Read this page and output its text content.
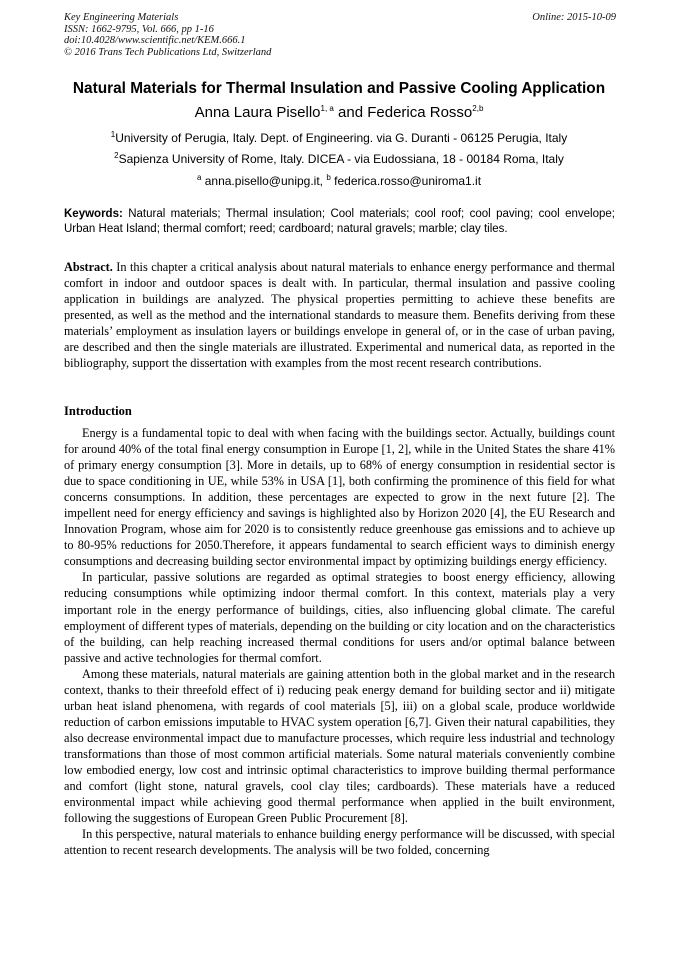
Key Engineering Materials
ISSN: 1662-9795, Vol. 666, pp 1-16
doi:10.4028/www.scientific.net/KEM.666.1
© 2016 Trans Tech Publications Ltd, Switzerland
Online: 2015-10-09
Natural Materials for Thermal Insulation and Passive Cooling Application
Anna Laura Pisello$^{1, a}$ and Federica Rosso$^{2,b}$
$^1$University of Perugia, Italy. Dept. of Engineering. via G. Duranti - 06125 Perugia, Italy
$^2$Sapienza University of Rome, Italy. DICEA - via Eudossiana, 18 - 00184 Roma, Italy
$^a$ anna.pisello@unipg.it, $^b$ federica.rosso@uniroma1.it
Keywords: Natural materials; Thermal insulation; Cool materials; cool roof; cool paving; cool envelope; Urban Heat Island; thermal comfort; reed; cardboard; natural gravels; marble; clay tiles.
Abstract. In this chapter a critical analysis about natural materials to enhance energy performance and thermal comfort in indoor and outdoor spaces is dealt with. In particular, thermal insulation and passive cooling application in buildings are analyzed. The physical properties permitting to achieve these benefits are presented, as well as the method and the international standards to measure them. Benefits deriving from these materials’ employment as insulation layers or buildings envelope in general of, or in the case of urban paving, are described and then the single materials are illustrated. Experimental and numerical data, as reported in the bibliography, support the dissertation with examples from the most recent research contributions.
Introduction

Energy is a fundamental topic to deal with when facing with the buildings sector. Actually, buildings count for around 40% of the total final energy consumption in Europe [1, 2], while in the United States the share 41% of primary energy consumption [3]. More in details, up to 68% of energy consumption in residential sector is due to space conditioning in UE, while 53% in USA [1], both confirming the prominence of this field for what concerns consumptions. In addition, these percentages are expected to grow in the next future [2]. The impellent need for energy efficiency and savings is highlighted also by Horizon 2020 [4], the EU Research and Innovation Program, whose aim for 2020 is to consistently reduce greenhouse gas emissions and to achieve up to 80-95% reductions for 2050.Therefore, it appears fundamental to search efficient ways to diminish energy consumptions and decreasing building sector environmental impact by optimizing buildings energy efficiency.

In particular, passive solutions are regarded as optimal strategies to boost energy efficiency, allowing reducing consumptions while optimizing indoor thermal comfort. In this context, materials play a very important role in the energy performance of buildings, cities, also influencing global climate. The careful employment of different types of materials, depending on the building or city location and on the characteristics of the building, can help reaching increased thermal conditions for users and/or optimal balance between passive and active technologies for thermal comfort.

Among these materials, natural materials are gaining attention both in the global market and in the research context, thanks to their threefold effect of i) reducing peak energy demand for building sector and ii) mitigate urban heat island phenomena, with regards of cool materials [5], iii) on a global scale, produce worldwide reduction of carbon emissions imputable to HVAC system operation [6,7]. Given their natural capabilities, they also decrease environmental impact due to manufacture processes, which require less industrial and technology transformations than those of most common artificial materials. Some natural materials conveniently combine low embodied energy, low cost and intrinsic optimal characteristics to improve building thermal performance and comfort (light stone, natural gravels, cool clay tiles; cardboards). These materials have a reduced environmental impact while achieving good thermal performance when applied in the built environment, following the suggestions of European Green Public Procurement [8].

In this perspective, natural materials to enhance building energy performance will be discussed, with special attention to recent research developments. The analysis will be two folded, concerning
